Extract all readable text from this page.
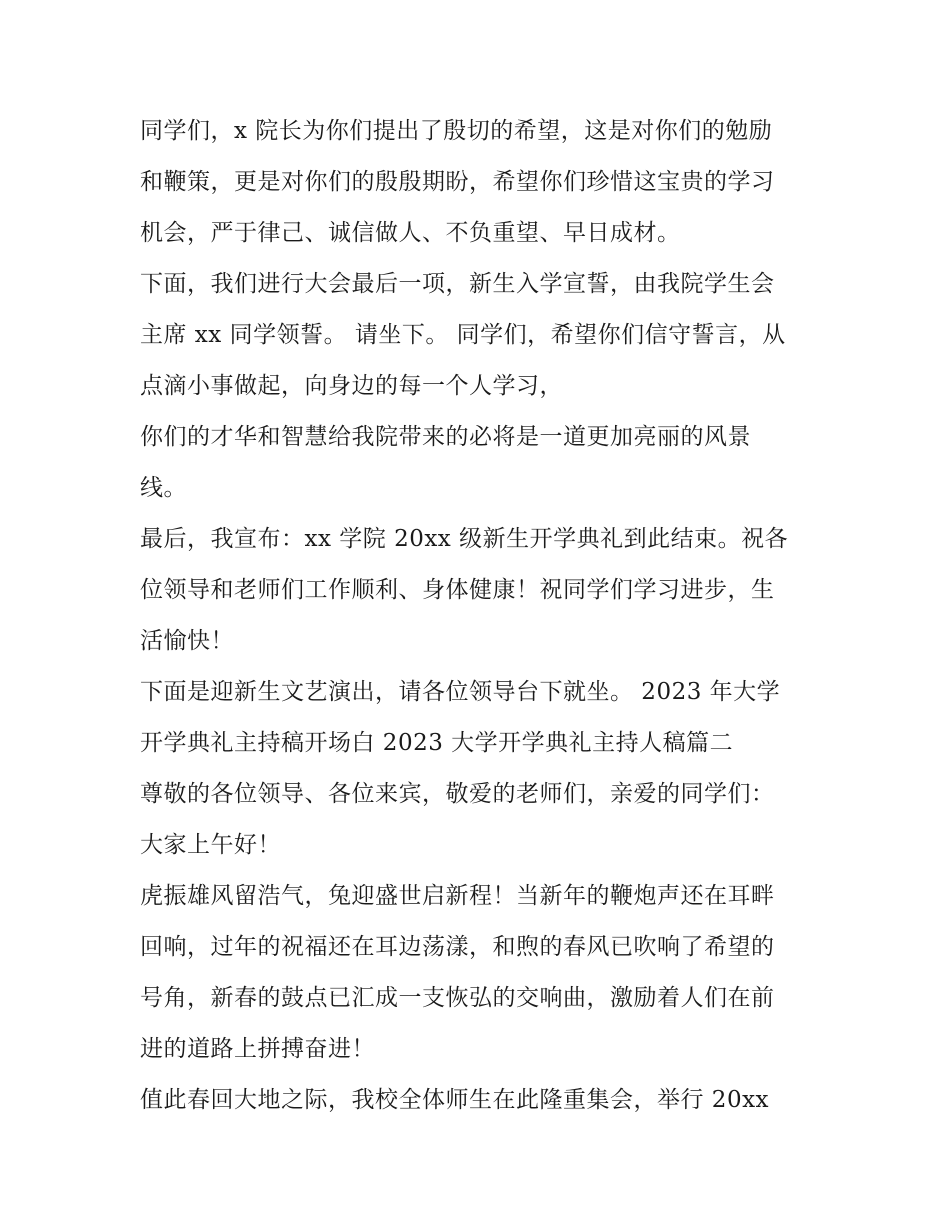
同学们，x 院长为你们提出了殷切的希望，这是对你们的勉励
和鞭策，更是对你们的殷殷期盼，希望你们珍惜这宝贵的学习
机会，严于律己、诚信做人、不负重望、早日成材。
下面，我们进行大会最后一项，新生入学宣誓，由我院学生会
主席 xx 同学领誓。 请坐下。 同学们，希望你们信守誓言，从
点滴小事做起，向身边的每一个人学习，
你们的才华和智慧给我院带来的必将是一道更加亮丽的风景
线。
最后，我宣布：xx 学院 20xx 级新生开学典礼到此结束。祝各
位领导和老师们工作顺利、身体健康！祝同学们学习进步，生
活愉快！
下面是迎新生文艺演出，请各位领导台下就坐。 2023 年大学
开学典礼主持稿开场白 2023 大学开学典礼主持人稿篇二
尊敬的各位领导、各位来宾，敬爱的老师们，亲爱的同学们：
大家上午好！
虎振雄风留浩气，兔迎盛世启新程！当新年的鞭炮声还在耳畔
回响，过年的祝福还在耳边荡漾，和煦的春风已吹响了希望的
号角，新春的鼓点已汇成一支恢弘的交响曲，激励着人们在前
进的道路上拼搏奋进！
值此春回大地之际，我校全体师生在此隆重集会，举行 20xx
